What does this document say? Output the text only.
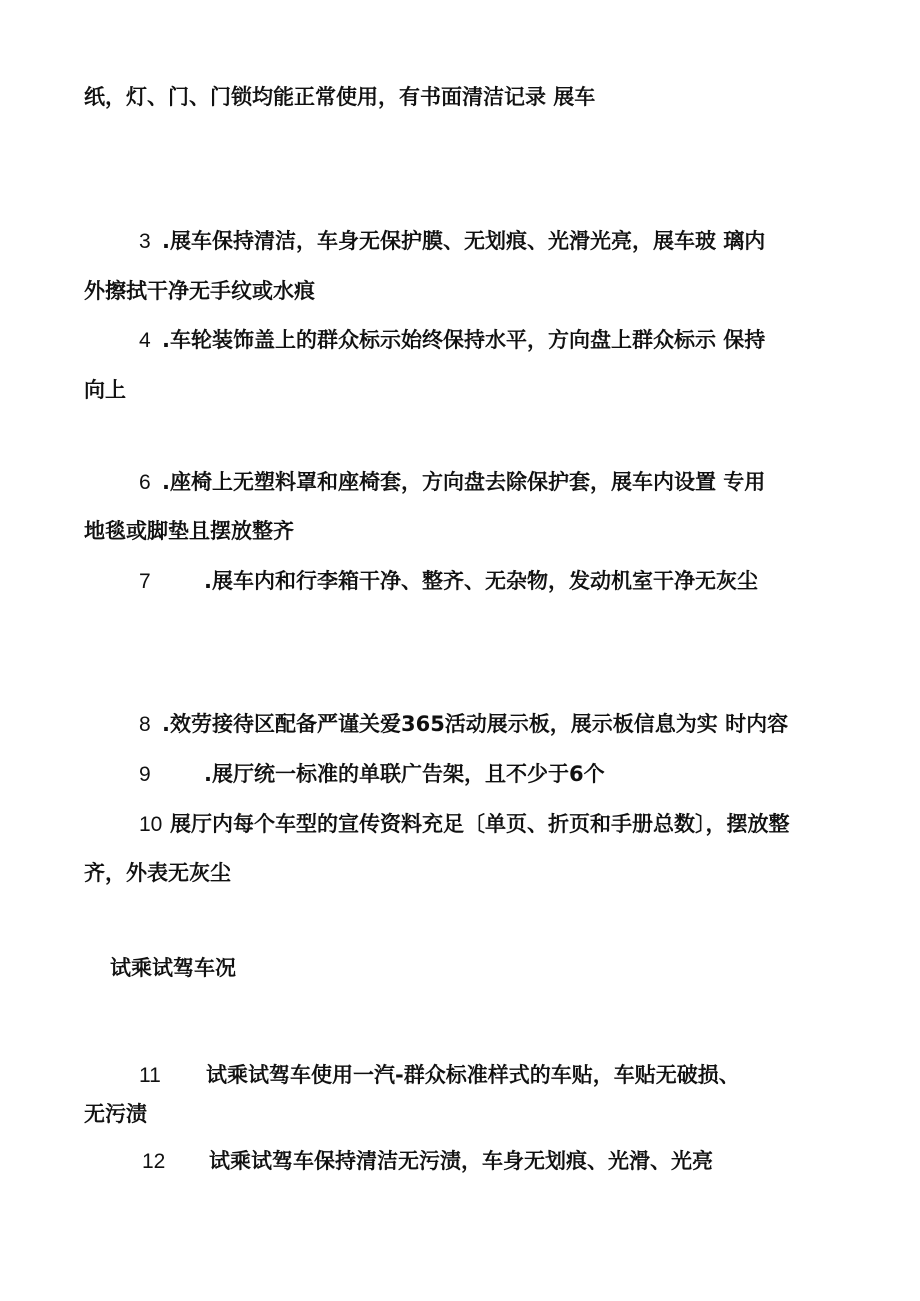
纸，灯、门、门锁均能正常使用，有书面清洁记录 展车
3 .展车保持清洁，车身无保护膜、无划痕、光滑光亮，展车玻 璃内
外擦拭干净无手纹或水痕
4 .车轮装饰盖上的群众标示始终保持水平，方向盘上群众标示 保持
向上
6 .座椅上无塑料罩和座椅套，方向盘去除保护套，展车内设置 专用
地毯或脚垫且摆放整齐
7	.展车内和行李箱干净、整齐、无杂物，发动机室干净无灰尘
8 .效劳接待区配备严谨关爱365活动展示板，展示板信息为实 时内容
9	.展厅统一标准的单联广告架，且不少于6个
10 展厅内每个车型的宣传资料充足〔单页、折页和手册总数〕，摆放整
齐，外表无灰尘
试乘试驾车况
11 试乘试驾车使用一汽-群众标准样式的车贴，车贴无破损、
无污渍
12 试乘试驾车保持清洁无污渍，车身无划痕、光滑、光亮
